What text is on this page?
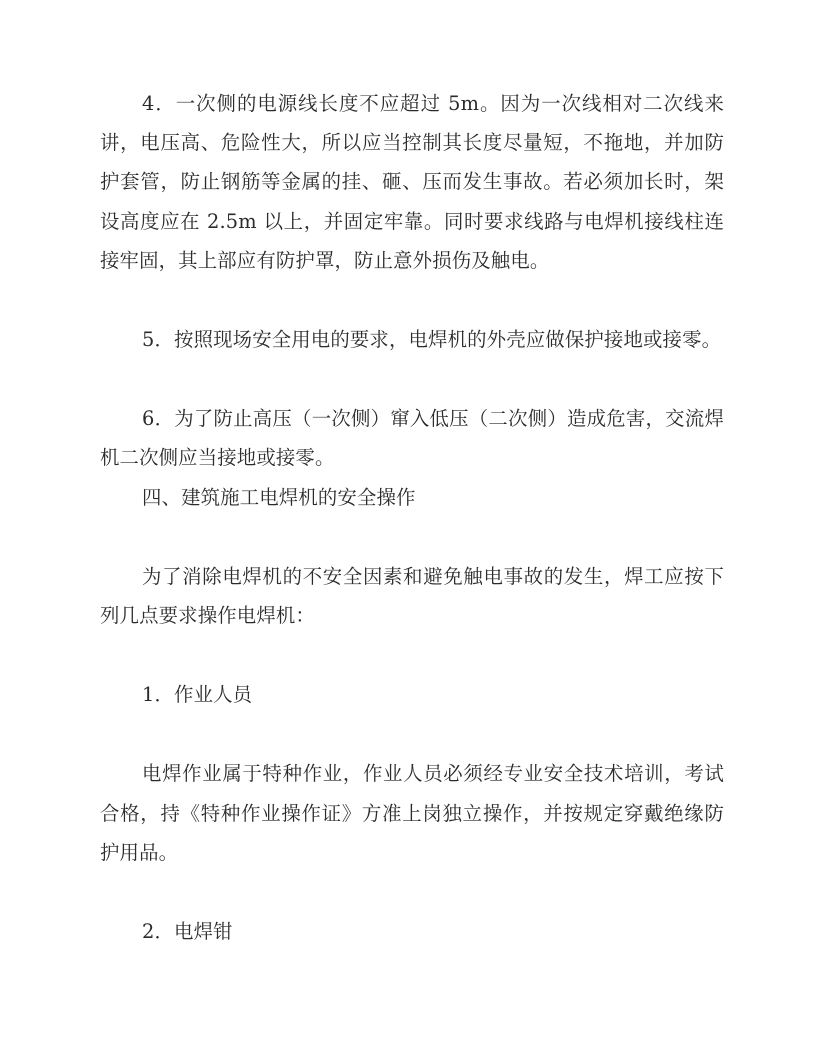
4．一次侧的电源线长度不应超过 5m。因为一次线相对二次线来讲，电压高、危险性大，所以应当控制其长度尽量短，不拖地，并加防护套管，防止钢筋等金属的挂、砸、压而发生事故。若必须加长时，架设高度应在 2.5m 以上，并固定牢靠。同时要求线路与电焊机接线柱连接牢固，其上部应有防护罩，防止意外损伤及触电。

5．按照现场安全用电的要求，电焊机的外壳应做保护接地或接零。

6．为了防止高压（一次侧）窜入低压（二次侧）造成危害，交流焊机二次侧应当接地或接零。

四、建筑施工电焊机的安全操作

为了消除电焊机的不安全因素和避免触电事故的发生，焊工应按下列几点要求操作电焊机：

1．作业人员

电焊作业属于特种作业，作业人员必须经专业安全技术培训，考试合格，持《特种作业操作证》方准上岗独立操作，并按规定穿戴绝缘防护用品。

2．电焊钳
